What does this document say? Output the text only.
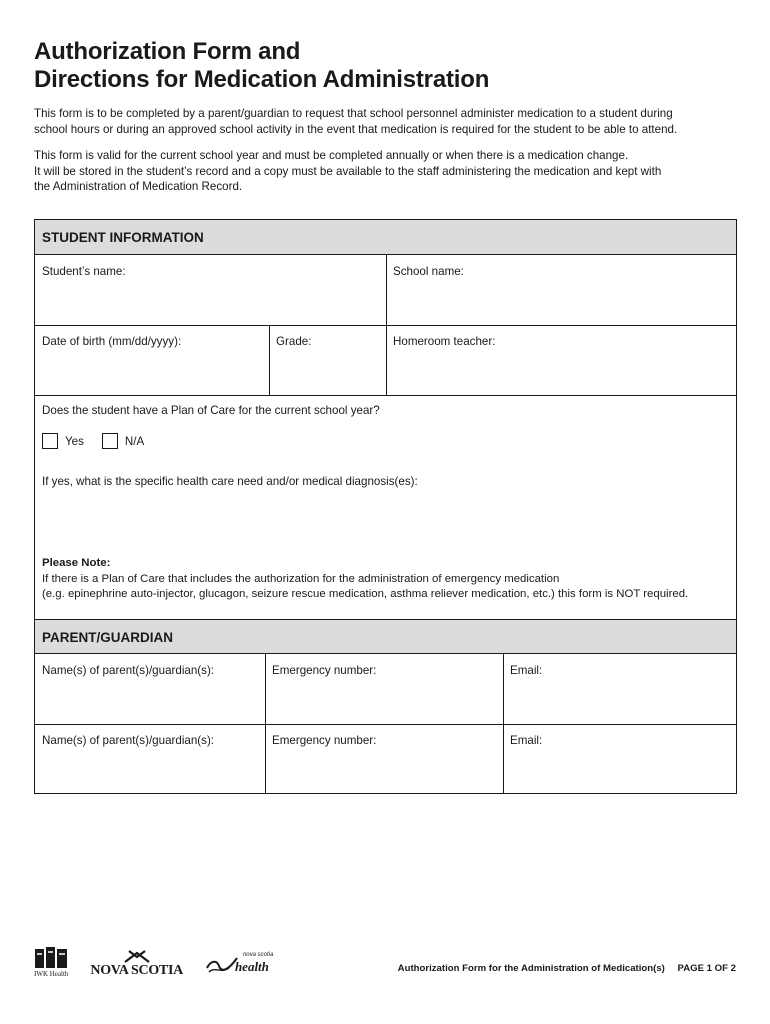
Authorization Form and
Directions for Medication Administration

This form is to be completed by a parent/guardian to request that school personnel administer medication to a student during

school hours or during an approved school activity in the event that medication is required for the student to be able to attend.

This form is valid for the current school year and must be completed annually or when there is a medication change.

It will be stored in the student’s record and a copy must be available to the staff administering the medication and kept with

the Administration of Medication Record.

STUDENT INFORMATION
Student’s name:	School name:
Date of birth (mm/dd/yyyy):	Grade:	Homeroom teacher:
Does the student have a Plan of Care for the current school year?
Yes	N/A
If yes, what is the specific health care need and/or medical diagnosis(es):
Please Note:
If there is a Plan of Care that includes the authorization for the administration of emergency medication
(e.g. epinephrine auto-injector, glucagon, seizure rescue medication, asthma reliever medication, etc.) this form is NOT required.
PARENT/GUARDIAN
Name(s) of parent(s)/guardian(s):	Emergency number:	Email:
Name(s) of parent(s)/guardian(s):	Emergency number:	Email:
IWK Health NOVA SCOTIA
nova scotia
health	Authorization Form for the Administration of Medication(s) PAGE 1 OF 2
